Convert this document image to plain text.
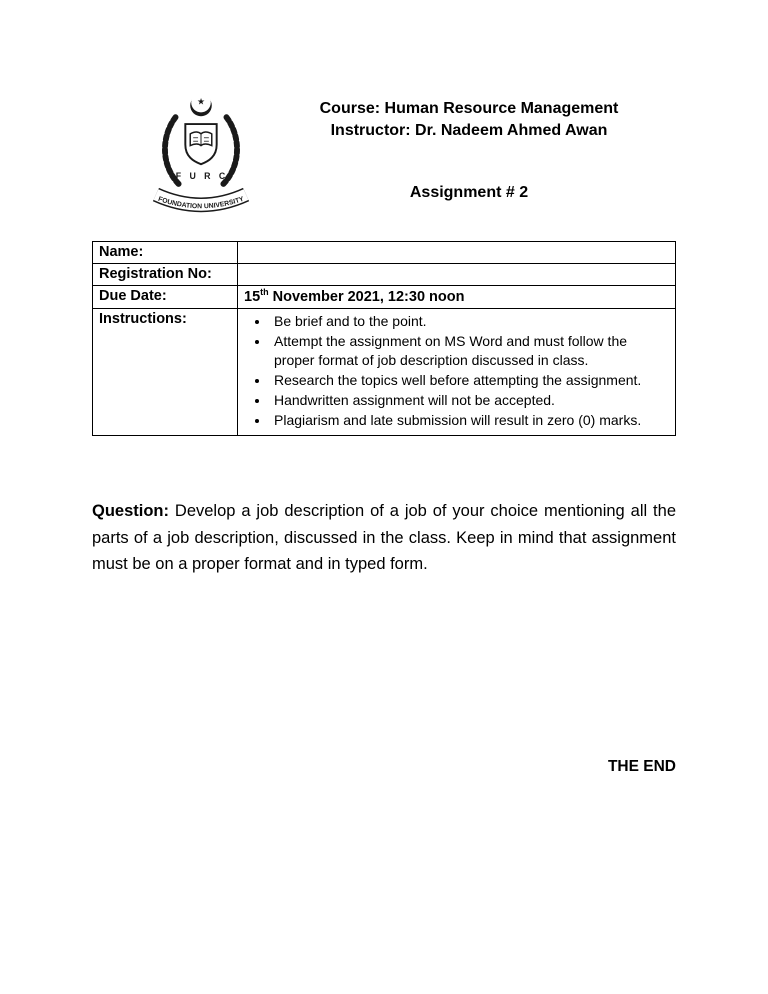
★
F U R C
FOUNDATION UNIVERSITY
Course: Human Resource Management
Instructor: Dr. Nadeem Ahmed Awan
Assignment # 2
Name:	

Registration No:	

Due Date:	15th November 2021, 12:30 noon
Instructions:	
•Be brief and to the point.
• Attempt the assignment on MS Word and must follow the proper format of job description discussed in class.
• Research the topics well before attempting the assignment.
• Handwritten assignment will not be accepted.
• Plagiarism and late submission will result in zero (0) marks.

Question: Develop a job description of a job of your choice mentioning all the parts of a job description, discussed in the class. Keep in mind that assignment must be on a proper format and in typed form.

THE END
